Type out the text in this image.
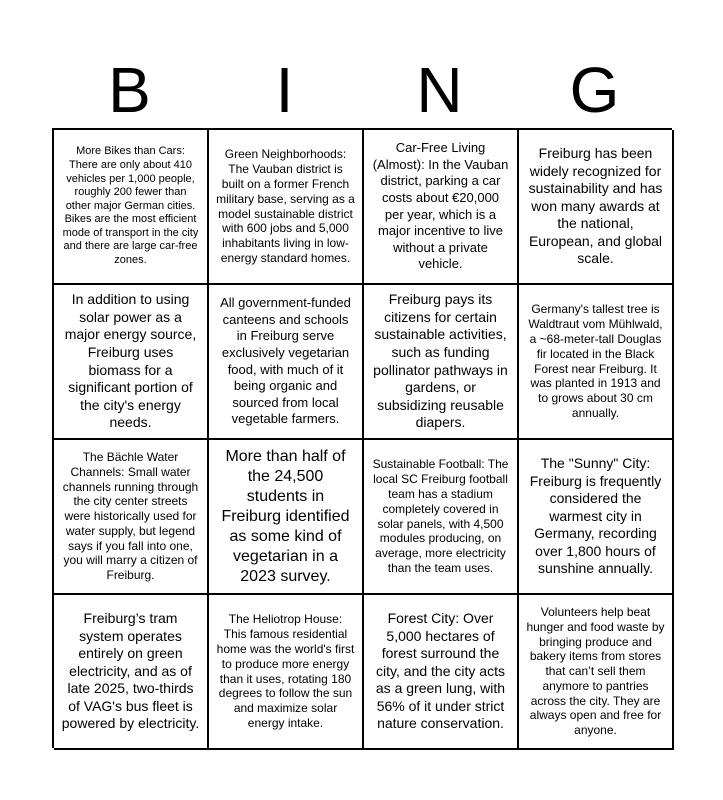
B	I	N	G
More Bikes than Cars: There are only about 410 vehicles per 1,000 people, roughly 200 fewer than other major German cities. Bikes are the most efficient mode of transport in the city and there are large car-free zones.
Green Neighborhoods: The Vauban district is built on a former French military base, serving as a model sustainable district with 600 jobs and 5,000 inhabitants living in low-energy standard homes.
Car-Free Living (Almost): In the Vauban district, parking a car costs about €20,000 per year, which is a major incentive to live without a private vehicle.
Freiburg has been widely recognized for sustainability and has won many awards at the national, European, and global scale.
In addition to using solar power as a major energy source, Freiburg uses biomass for a significant portion of the city's energy needs.
All government-funded canteens and schools in Freiburg serve exclusively vegetarian food, with much of it being organic and sourced from local vegetable farmers.
Freiburg pays its citizens for certain sustainable activities, such as funding pollinator pathways in gardens, or subsidizing reusable diapers.
Germany's tallest tree is Waldtraut vom Mühlwald, a ~68-meter-tall Douglas fir located in the Black Forest near Freiburg. It was planted in 1913 and to grows about 30 cm annually.
The Bächle Water Channels: Small water channels running through the city center streets were historically used for water supply, but legend says if you fall into one, you will marry a citizen of Freiburg.
More than half of the 24,500 students in Freiburg identified as some kind of vegetarian in a 2023 survey.
Sustainable Football: The local SC Freiburg football team has a stadium completely covered in solar panels, with 4,500 modules producing, on average, more electricity than the team uses.
The "Sunny" City: Freiburg is frequently considered the warmest city in Germany, recording over 1,800 hours of sunshine annually.
Freiburg’s tram system operates entirely on green electricity, and as of late 2025, two-thirds of VAG's bus fleet is powered by electricity.
The Heliotrop House: This famous residential home was the world's first to produce more energy than it uses, rotating 180 degrees to follow the sun and maximize solar energy intake.
Forest City: Over 5,000 hectares of forest surround the city, and the city acts as a green lung, with 56% of it under strict nature conservation.
Volunteers help beat hunger and food waste by bringing produce and bakery items from stores that can’t sell them anymore to pantries across the city. They are always open and free for anyone.
